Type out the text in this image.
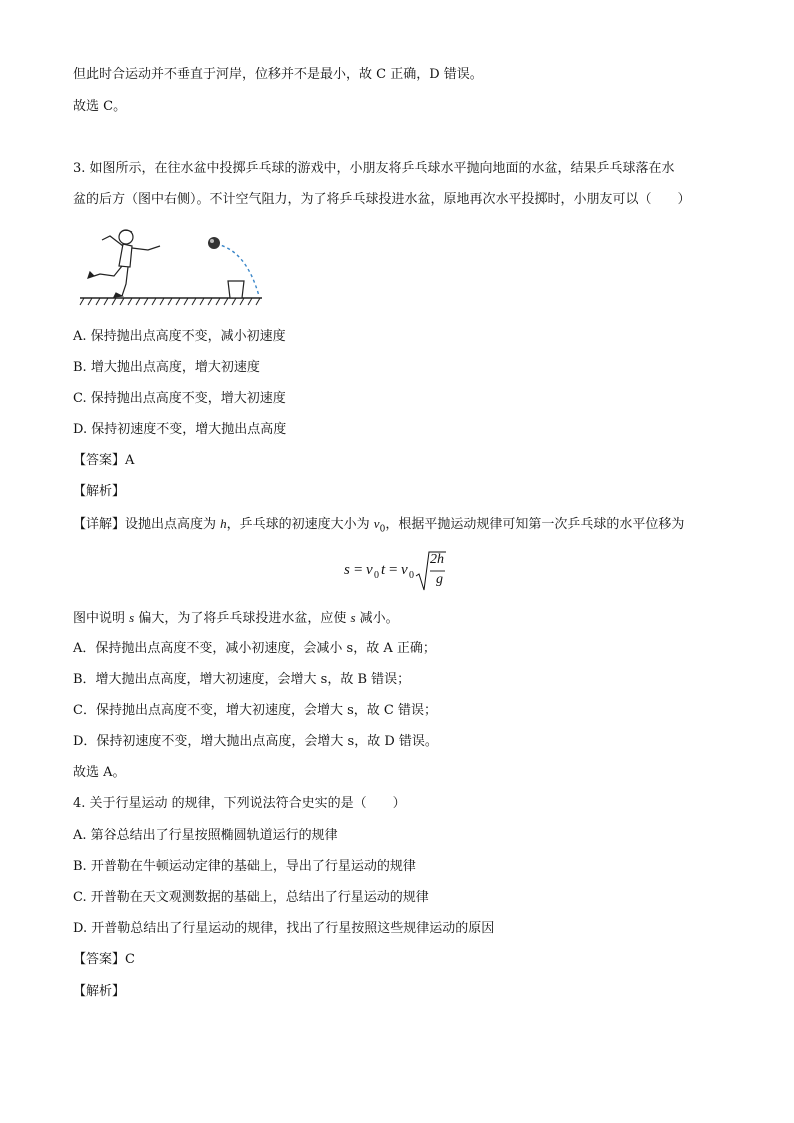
但此时合运动并不垂直于河岸，位移并不是最小，故 C 正确，D 错误。
故选 C。
3. 如图所示，在往水盆中投掷乒乓球的游戏中，小朋友将乒乓球水平抛向地面的水盆，结果乒乓球落在水
盆的后方（图中右侧）。不计空气阻力，为了将乒乓球投进水盆，原地再次水平投掷时，小朋友可以（　　）
A. 保持抛出点高度不变，减小初速度
B. 增大抛出点高度，增大初速度
C. 保持抛出点高度不变，增大初速度
D. 保持初速度不变，增大抛出点高度
【答案】A
【解析】
【详解】设抛出点高度为 h，乒乓球的初速度大小为 $v_0$，根据平抛运动规律可知第一次乒乓球的水平位移为
s = v 0 t = v 0
2h
g
图中说明 s 偏大，为了将乒乓球投进水盆，应使 s 减小。
A．保持抛出点高度不变，减小初速度，会减小 s，故 A 正确；
B．增大抛出点高度，增大初速度，会增大 s，故 B 错误；
C．保持抛出点高度不变，增大初速度，会增大 s，故 C 错误；
D．保持初速度不变，增大抛出点高度，会增大 s，故 D 错误。
故选 A。
4. 关于行星运动 的规律，下列说法符合史实的是（　　）
A. 第谷总结出了行星按照椭圆轨道运行的规律
B. 开普勒在牛顿运动定律的基础上，导出了行星运动的规律
C. 开普勒在天文观测数据的基础上，总结出了行星运动的规律
D. 开普勒总结出了行星运动的规律，找出了行星按照这些规律运动的原因
【答案】C
【解析】
